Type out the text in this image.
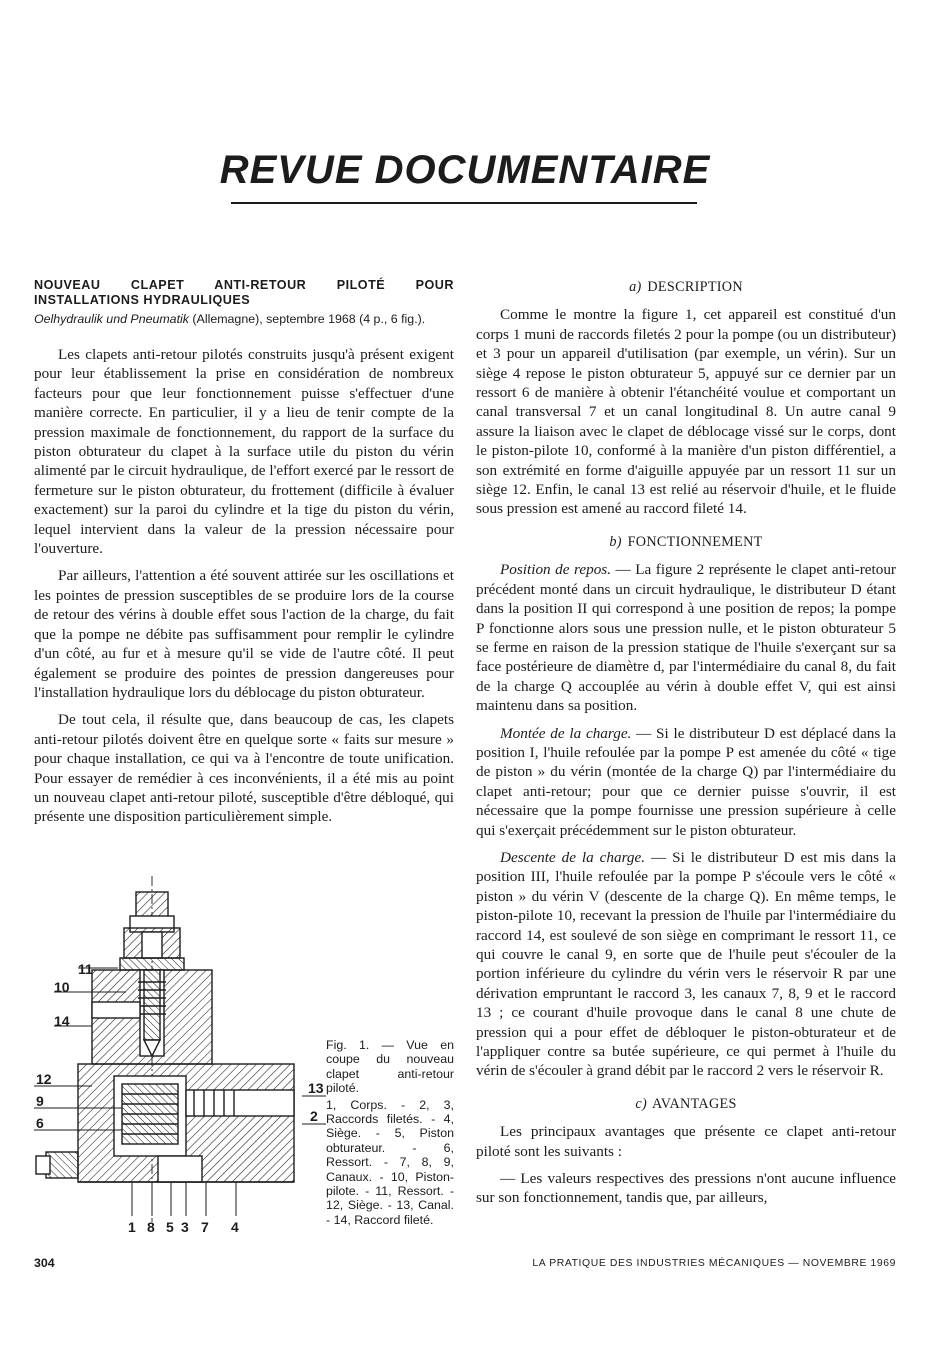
REVUE DOCUMENTAIRE
NOUVEAU CLAPET ANTI-RETOUR PILOTÉ POUR INSTALLATIONS HYDRAULIQUES
Oelhydraulik und Pneumatik (Allemagne), septembre 1968 (4 p., 6 fig.).

Les clapets anti-retour pilotés construits jusqu'à présent exigent pour leur établissement la prise en considération de nombreux facteurs pour que leur fonctionnement puisse s'effectuer d'une manière correcte. En particulier, il y a lieu de tenir compte de la pression maximale de fonctionnement, du rapport de la surface du piston obturateur du clapet à la surface utile du piston du vérin alimenté par le circuit hydraulique, de l'effort exercé par le ressort de fermeture sur le piston obturateur, du frottement (difficile à évaluer exactement) sur la paroi du cylindre et la tige du piston du vérin, lequel intervient dans la valeur de la pression nécessaire pour l'ouverture.

Par ailleurs, l'attention a été souvent attirée sur les oscillations et les pointes de pression susceptibles de se produire lors de la course de retour des vérins à double effet sous l'action de la charge, du fait que la pompe ne débite pas suffisamment pour remplir le cylindre d'un côté, au fur et à mesure qu'il se vide de l'autre côté. Il peut également se produire des pointes de pression dangereuses pour l'installation hydraulique lors du déblocage du piston obturateur.

De tout cela, il résulte que, dans beaucoup de cas, les clapets anti-retour pilotés doivent être en quelque sorte « faits sur mesure » pour chaque installation, ce qui va à l'encontre de toute unification. Pour essayer de remédier à ces inconvénients, il a été mis au point un nouveau clapet anti-retour piloté, susceptible d'être débloqué, qui présente une disposition particulièrement simple.

a) DESCRIPTION

Comme le montre la figure 1, cet appareil est constitué d'un corps 1 muni de raccords filetés 2 pour la pompe (ou un distributeur) et 3 pour un appareil d'utilisation (par exemple, un vérin). Sur un siège 4 repose le piston obturateur 5, appuyé sur ce dernier par un ressort 6 de manière à obtenir l'étanchéité voulue et comportant un canal transversal 7 et un canal longitudinal 8. Un autre canal 9 assure la liaison avec le clapet de déblocage vissé sur le corps, dont le piston-pilote 10, conformé à la manière d'un piston différentiel, a son extrémité en forme d'aiguille appuyée par un ressort 11 sur un siège 12. Enfin, le canal 13 est relié au réservoir d'huile, et le fluide sous pression est amené au raccord fileté 14.

b) FONCTIONNEMENT

Position de repos. — La figure 2 représente le clapet anti-retour précédent monté dans un circuit hydraulique, le distributeur D étant dans la position II qui correspond à une position de repos; la pompe P fonctionne alors sous une pression nulle, et le piston obturateur 5 se ferme en raison de la pression statique de l'huile s'exerçant sur sa face postérieure de diamètre d, par l'intermédiaire du canal 8, du fait de la charge Q accouplée au vérin à double effet V, qui est ainsi maintenu dans sa position.

Montée de la charge. — Si le distributeur D est déplacé dans la position I, l'huile refoulée par la pompe P est amenée du côté « tige de piston » du vérin (montée de la charge Q) par l'intermédiaire du clapet anti-retour; pour que ce dernier puisse s'ouvrir, il est nécessaire que la pompe fournisse une pression supérieure à celle qui s'exerçait précédemment sur le piston obturateur.

Descente de la charge. — Si le distributeur D est mis dans la position III, l'huile refoulée par la pompe P s'écoule vers le côté « piston » du vérin V (descente de la charge Q). En même temps, le piston-pilote 10, recevant la pression de l'huile par l'intermédiaire du raccord 14, est soulevé de son siège en comprimant le ressort 11, ce qui couvre le canal 9, en sorte que de l'huile peut s'écouler de la portion inférieure du cylindre du vérin vers le réservoir R par une dérivation empruntant le raccord 3, les canaux 7, 8, 9 et le raccord 13 ; ce courant d'huile provoque dans le canal 8 une chute de pression qui a pour effet de débloquer le piston-obturateur et de l'appliquer contre sa butée supérieure, ce qui permet à l'huile du vérin de s'écouler à grand débit par le raccord 2 vers le réservoir R.

c) AVANTAGES

Les principaux avantages que présente ce clapet anti-retour piloté sont les suivants :

— Les valeurs respectives des pressions n'ont aucune influence sur son fonctionnement, tandis que, par ailleurs,

11
10
14
12
9
6
13
2
1 8 5 3 7 4

Fig. 1. — Vue en coupe du nouveau clapet anti-retour piloté.

1, Corps. - 2, 3, Raccords filetés. - 4, Siège. - 5, Piston obturateur. - 6, Ressort. - 7, 8, 9, Canaux. - 10, Piston-pilote. - 11, Ressort. - 12, Siège. - 13, Canal. - 14, Raccord fileté.

304	LA PRATIQUE DES INDUSTRIES MÉCANIQUES — NOVEMBRE 1969
